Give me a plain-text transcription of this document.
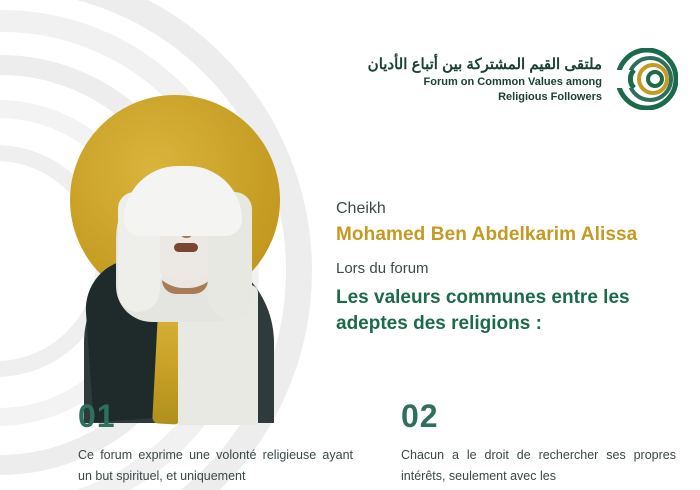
ملتقى القيم المشتركة بين أتباع الأديان
Forum on Common Values among
Religious Followers

Cheikh

Mohamed Ben Abdelkarim Alissa

Lors du forum

Les valeurs communes entre les adeptes des religions :

01

Ce forum exprime une volonté religieuse ayant un but spirituel, et uniquement

02

Chacun a le droit de rechercher ses propres intérêts, seulement avec les
